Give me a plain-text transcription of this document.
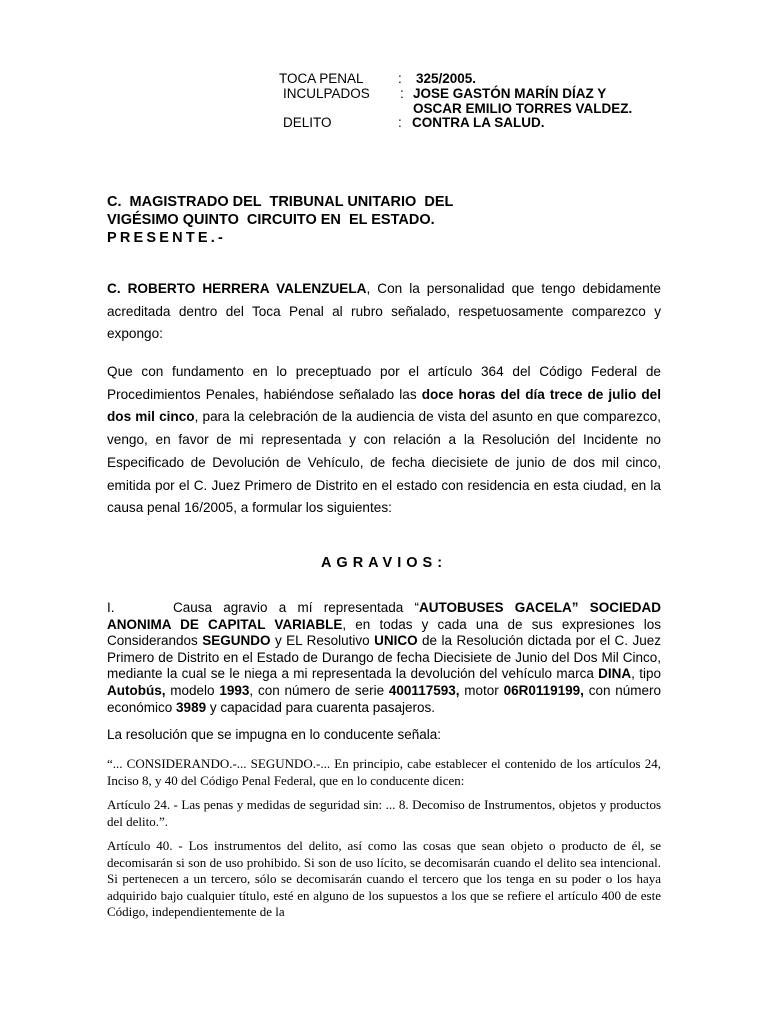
TOCA PENAL	: 325/2005.
INCULPADOS : JOSE GASTÓN MARÍN DÍAZ Y
OSCAR EMILIO TORRES VALDEZ.
DELITO	: CONTRA LA SALUD.
C.  MAGISTRADO DEL  TRIBUNAL UNITARIO  DEL
VIGÉSIMO QUINTO  CIRCUITO EN  EL ESTADO.
PRESENTE.-
C. ROBERTO HERRERA VALENZUELA, Con la personalidad que tengo debidamente acreditada dentro del Toca Penal al rubro señalado, respetuosamente comparezco y expongo:
Que con fundamento en lo preceptuado por el artículo 364 del Código Federal de Procedimientos Penales, habiéndose señalado las doce horas del día trece de julio del dos mil cinco, para la celebración de la audiencia de vista del asunto en que comparezco, vengo, en favor de mi representada y con relación a la Resolución del Incidente no Especificado de Devolución de Vehículo, de fecha diecisiete de junio de dos mil cinco, emitida por el C. Juez Primero de Distrito en el estado con residencia en esta ciudad, en la causa penal 16/2005, a formular los siguientes:
AGRAVIOS:
I.	Causa agravio a mí representada “AUTOBUSES GACELA” SOCIEDAD ANONIMA DE CAPITAL VARIABLE, en todas y cada una de sus expresiones los Considerandos SEGUNDO y EL Resolutivo UNICO de la Resolución dictada por el C. Juez Primero de Distrito en el Estado de Durango de fecha Diecisiete de Junio del Dos Mil Cinco, mediante la cual se le niega a mi representada la devolución del vehículo marca DINA, tipo Autobús, modelo 1993, con número de serie 400117593, motor 06R0119199, con número económico 3989 y capacidad para cuarenta pasajeros.
La resolución que se impugna en lo conducente señala:
“... CONSIDERANDO.-... SEGUNDO.-... En principio, cabe establecer el contenido de los artículos 24, Inciso 8, y 40 del Código Penal Federal, que en lo conducente dicen:
Artículo 24. - Las penas y medidas de seguridad sin: ... 8. Decomiso de Instrumentos, objetos y productos del delito.”.
Artículo 40. - Los instrumentos del delito, así como las cosas que sean objeto o producto de él, se decomisarán si son de uso prohibido. Si son de uso lícito, se decomisarán cuando el delito sea intencional. Si pertenecen a un tercero, sólo se decomisarán cuando el tercero que los tenga en su poder o los haya adquirido bajo cualquier título, esté en alguno de los supuestos a los que se refiere el artículo 400 de este Código, independientemente de la
